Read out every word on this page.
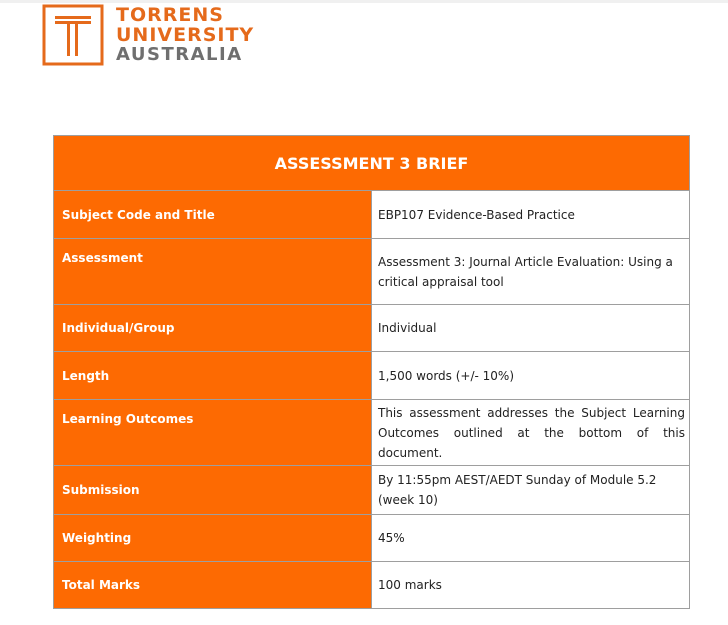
TORRENS
UNIVERSITY
AUSTRALIA
ASSESSMENT 3 BRIEF	
Subject Code and Title	EBP107 Evidence-Based Practice
Assessment	Assessment 3: Journal Article Evaluation: Using a critical appraisal tool
Individual/Group	Individual
Length	1,500 words (+/- 10%)
Learning Outcomes	This assessment addresses the Subject Learning Outcomes outlined at the bottom of this document.
Submission	By 11:55pm AEST/AEDT Sunday of Module 5.2 (week 10)
Weighting	45%
Total Marks	100 marks
